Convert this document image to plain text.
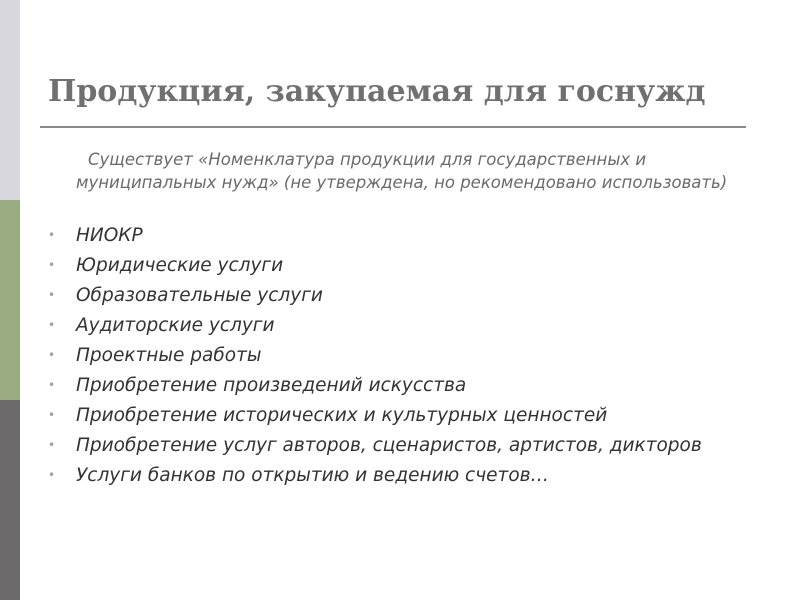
Продукция, закупаемая для госнужд

Существует «Номенклатура продукции для государственных и муниципальных нужд» (не утверждена, но рекомендовано использовать)

• НИОКР
• Юридические услуги
• Образовательные услуги
• Аудиторские услуги
• Проектные работы
• Приобретение произведений искусства
• Приобретение исторических и культурных ценностей
• Приобретение услуг авторов, сценаристов, артистов, дикторов
• Услуги банков по открытию и ведению счетов…
